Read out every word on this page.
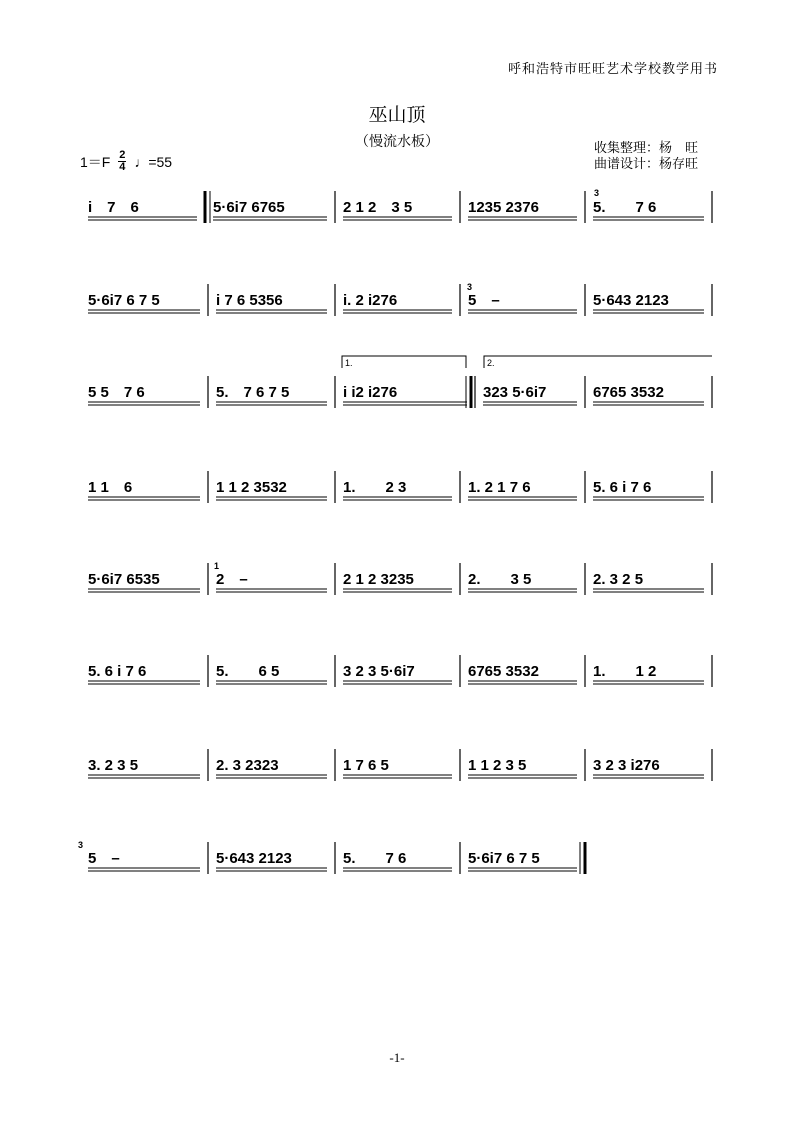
呼和浩特市旺旺艺术学校教学用书
巫山顶
（慢流水板）	收集整理：杨　旺
曲谱设计：杨存旺
1＝F 2
4 ♩=55
i　7　6	5·6i7 6765	2 1 2　3 5	1235 2376	5.　　7 6
5·6i7 6 7 5	i 7 6 5356	i. 2 i276	5　–	5·643 2123
5 5　7 6	5.　7 6 7 5	i i2 i276	323 5·6i7	6765 3532
1 1　6	1 1 2 3532	1.　　2 3	1. 2 1 7 6	5. 6 i 7 6
5·6i7 6535	2　–	2 1 2 3235	2.　　3 5	2. 3 2 5
5. 6 i 7 6	5.　　6 5	3 2 3 5·6i7	6765 3532	1.　　1 2
3. 2 3 5	2. 3 2323	1 7 6 5	1 1 2 3 5	3 2 3 i276
5　–	5·643 2123	5.　　7 6	5·6i7 6 7 5
1.	2.
3
3
1
3
-1-
